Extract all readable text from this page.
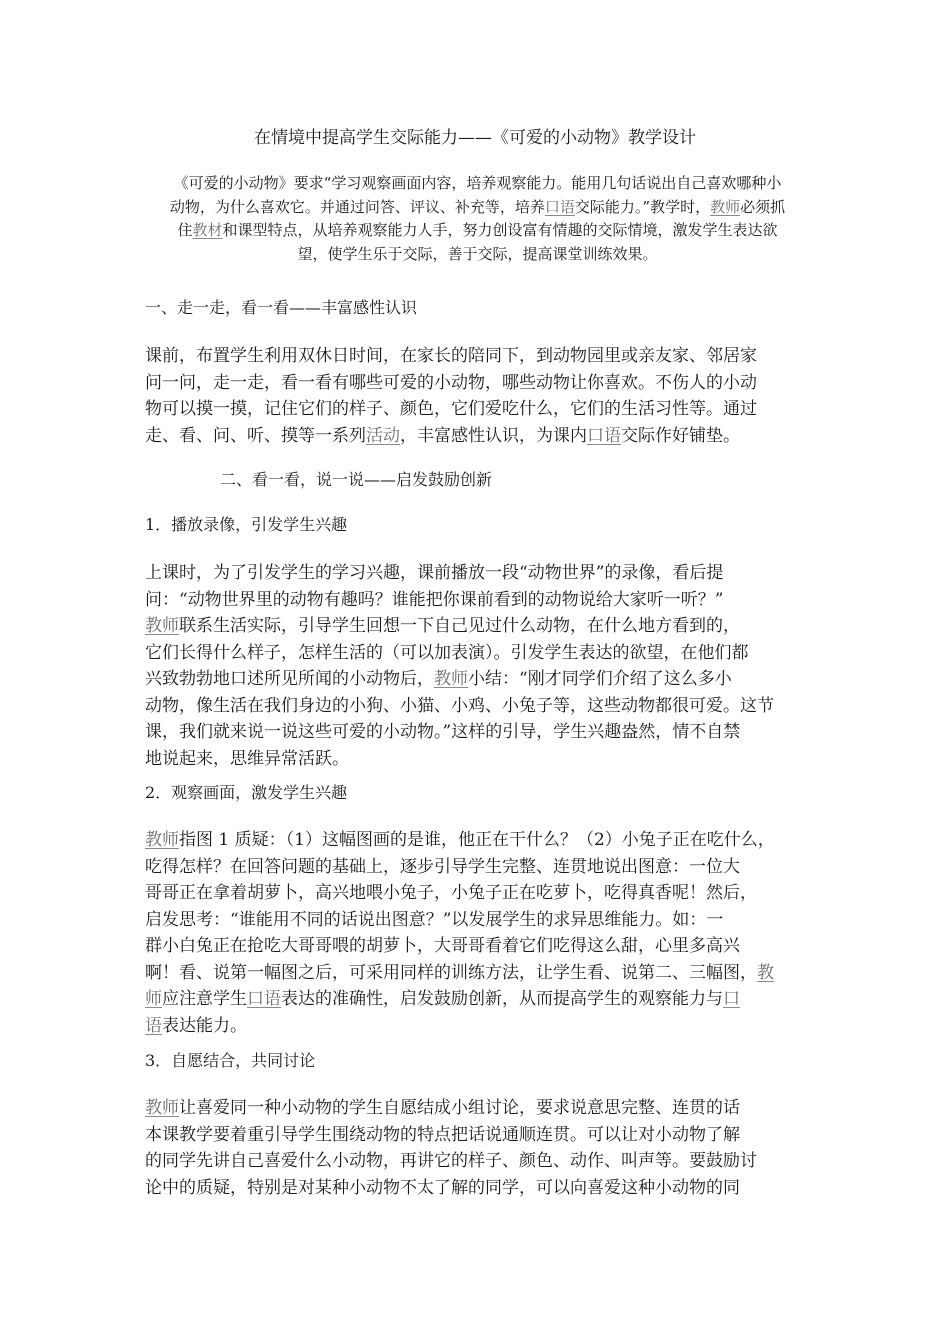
在情境中提高学生交际能力——《可爱的小动物》教学设计
《可爱的小动物》要求“学习观察画面内容，培养观察能力。能用几句话说出自己喜欢哪种小
动物，为什么喜欢它。并通过问答、评议、补充等，培养口语交际能力。”教学时，教师必须抓
住教材和课型特点，从培养观察能力人手，努力创设富有情趣的交际情境，激发学生表达欲
望，使学生乐于交际，善于交际，提高课堂训练效果。
一、走一走，看一看——丰富感性认识
课前，布置学生利用双休日时间，在家长的陪同下，到动物园里或亲友家、邻居家
问一问，走一走，看一看有哪些可爱的小动物，哪些动物让你喜欢。不伤人的小动
物可以摸一摸，记住它们的样子、颜色，它们爱吃什么，它们的生活习性等。通过
走、看、问、听、摸等一系列活动，丰富感性认识，为课内口语交际作好铺垫。
二、看一看，说一说——启发鼓励创新
1．播放录像，引发学生兴趣
上课时，为了引发学生的学习兴趣，课前播放一段“动物世界”的录像，看后提
问：“动物世界里的动物有趣吗？谁能把你课前看到的动物说给大家听一听？”
教师联系生活实际，引导学生回想一下自己见过什么动物，在什么地方看到的，
它们长得什么样子，怎样生活的（可以加表演）。引发学生表达的欲望，在他们都
兴致勃勃地口述所见所闻的小动物后，教师小结：“刚才同学们介绍了这么多小
动物，像生活在我们身边的小狗、小猫、小鸡、小兔子等，这些动物都很可爱。这节
课，我们就来说一说这些可爱的小动物。”这样的引导，学生兴趣盎然，情不自禁
地说起来，思维异常活跃。
2．观察画面，激发学生兴趣
教师指图 1 质疑：（1）这幅图画的是谁，他正在干什么？（2）小兔子正在吃什么，
吃得怎样？在回答问题的基础上，逐步引导学生完整、连贯地说出图意：一位大
哥哥正在拿着胡萝卜，高兴地喂小兔子，小兔子正在吃萝卜，吃得真香呢！然后，
启发思考：“谁能用不同的话说出图意？”以发展学生的求异思维能力。如：一
群小白兔正在抢吃大哥哥喂的胡萝卜，大哥哥看着它们吃得这么甜，心里多高兴
啊！看、说第一幅图之后，可采用同样的训练方法，让学生看、说第二、三幅图，教
师应注意学生口语表达的准确性，启发鼓励创新，从而提高学生的观察能力与口
语表达能力。
3．自愿结合，共同讨论
教师让喜爱同一种小动物的学生自愿结成小组讨论，要求说意思完整、连贯的话
本课教学要着重引导学生围绕动物的特点把话说通顺连贯。可以让对小动物了解
的同学先讲自己喜爱什么小动物，再讲它的样子、颜色、动作、叫声等。要鼓励讨
论中的质疑，特别是对某种小动物不太了解的同学，可以向喜爱这种小动物的同
